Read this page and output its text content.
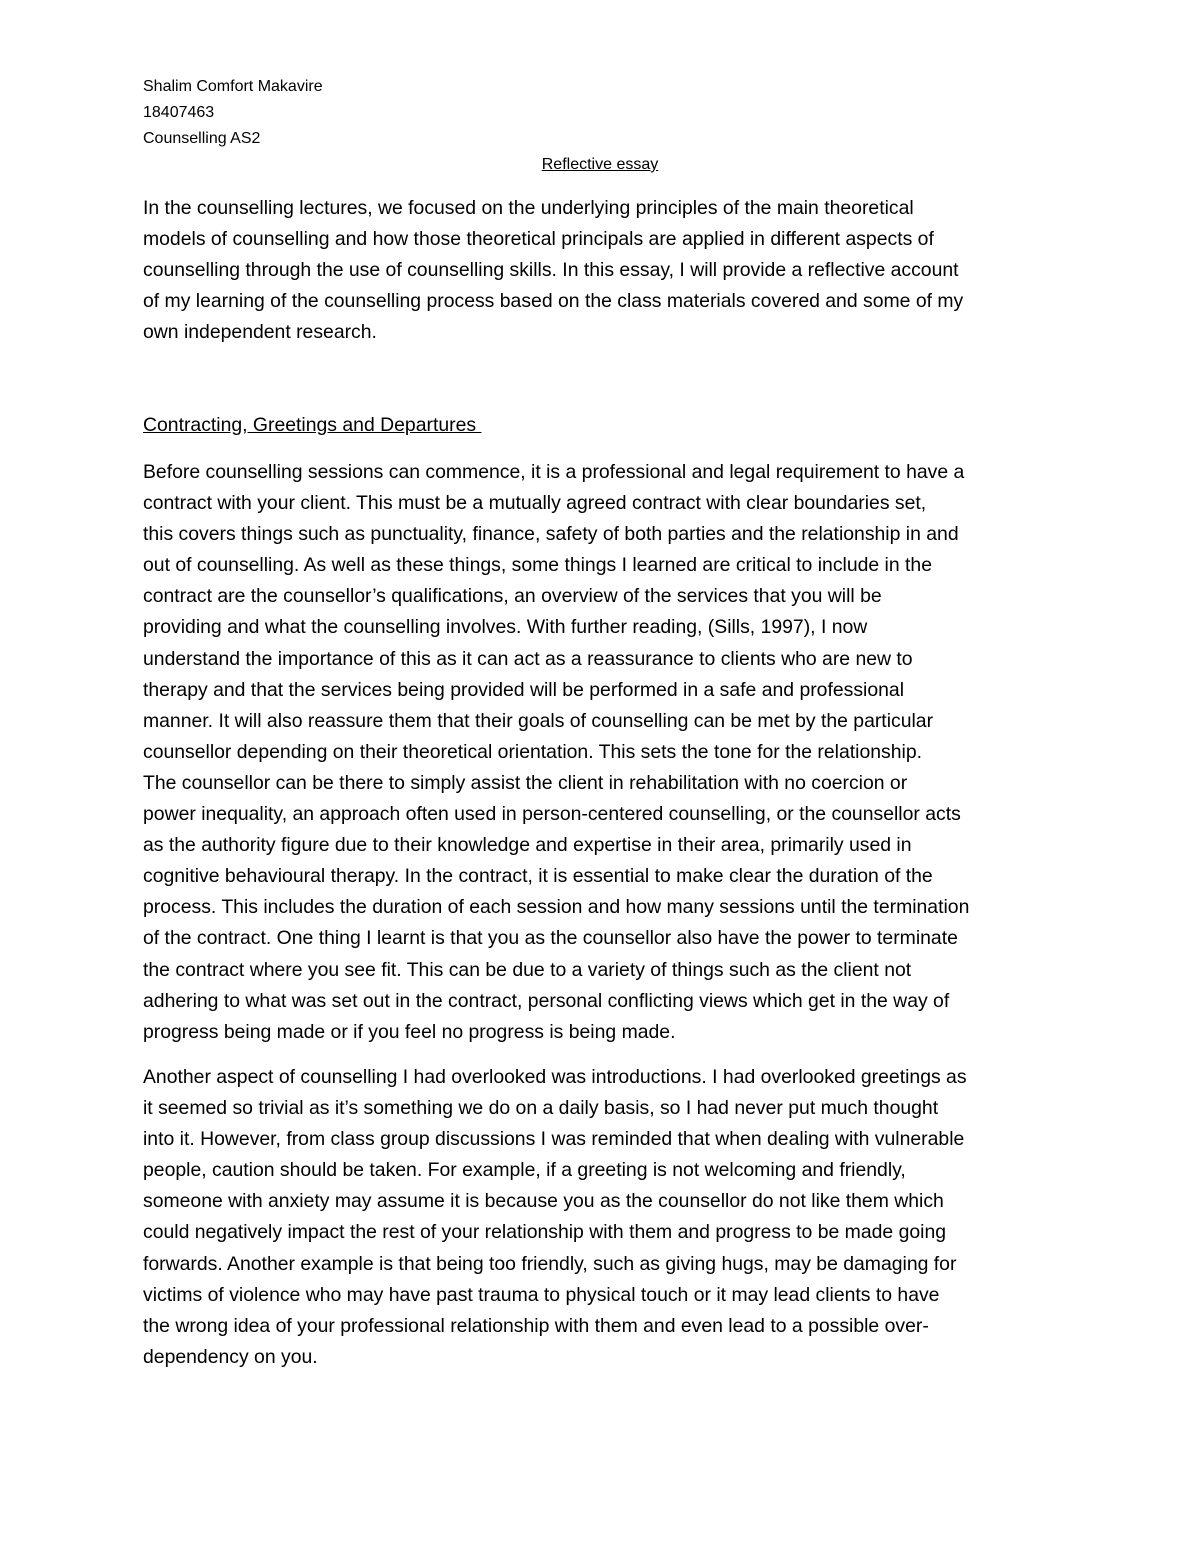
Shalim Comfort Makavire
18407463
Counselling AS2
Reflective essay
In the counselling lectures, we focused on the underlying principles of the main theoretical
models of counselling and how those theoretical principals are applied in different aspects of
counselling through the use of counselling skills. In this essay, I will provide a reflective account
of my learning of the counselling process based on the class materials covered and some of my
own independent research.
Contracting, Greetings and Departures
Before counselling sessions can commence, it is a professional and legal requirement to have a
contract with your client. This must be a mutually agreed contract with clear boundaries set,
this covers things such as punctuality, finance, safety of both parties and the relationship in and
out of counselling. As well as these things, some things I learned are critical to include in the
contract are the counsellor’s qualifications, an overview of the services that you will be
providing and what the counselling involves. With further reading, (Sills, 1997), I now
understand the importance of this as it can act as a reassurance to clients who are new to
therapy and that the services being provided will be performed in a safe and professional
manner. It will also reassure them that their goals of counselling can be met by the particular
counsellor depending on their theoretical orientation. This sets the tone for the relationship.
The counsellor can be there to simply assist the client in rehabilitation with no coercion or
power inequality, an approach often used in person-centered counselling, or the counsellor acts
as the authority figure due to their knowledge and expertise in their area, primarily used in
cognitive behavioural therapy. In the contract, it is essential to make clear the duration of the
process. This includes the duration of each session and how many sessions until the termination
of the contract. One thing I learnt is that you as the counsellor also have the power to terminate
the contract where you see fit. This can be due to a variety of things such as the client not
adhering to what was set out in the contract, personal conflicting views which get in the way of
progress being made or if you feel no progress is being made.
Another aspect of counselling I had overlooked was introductions. I had overlooked greetings as
it seemed so trivial as it’s something we do on a daily basis, so I had never put much thought
into it. However, from class group discussions I was reminded that when dealing with vulnerable
people, caution should be taken. For example, if a greeting is not welcoming and friendly,
someone with anxiety may assume it is because you as the counsellor do not like them which
could negatively impact the rest of your relationship with them and progress to be made going
forwards. Another example is that being too friendly, such as giving hugs, may be damaging for
victims of violence who may have past trauma to physical touch or it may lead clients to have
the wrong idea of your professional relationship with them and even lead to a possible over-
dependency on you.
